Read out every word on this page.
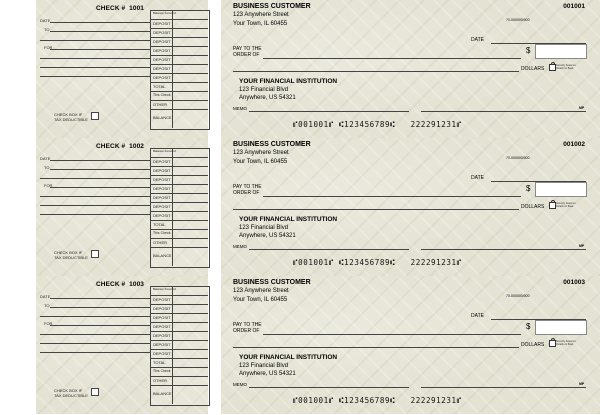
CHECK # 1001
DATE
TO
FOR
Balance Forward
DEPOSIT
DEPOSIT
DEPOSIT
DEPOSIT
DEPOSIT
DEPOSIT
DEPOSIT
TOTAL
This Check
OTHER
BALANCE
CHECK BOX IF
TAX DEDUCTIBLE
BUSINESS CUSTOMER
123 Anywhere Street
Your Town, IL 60455
001001
70-000000/000
DATE
PAY TO THE
ORDER OF	$
DOLLARS
Security Features
Details on Back
YOUR FINANCIAL INSTITUTION
123 Financial Blvd
Anywhere, US 54321
MEMO	MP
⑈001001⑈ ⑆123456789⑆   222291231⑈
CHECK # 1002
DATE
TO
FOR
Balance Forward
DEPOSIT
DEPOSIT
DEPOSIT
DEPOSIT
DEPOSIT
DEPOSIT
DEPOSIT
TOTAL
This Check
OTHER
BALANCE
CHECK BOX IF
TAX DEDUCTIBLE
BUSINESS CUSTOMER
123 Anywhere Street
Your Town, IL 60455
001002
70-000000/000
DATE
PAY TO THE
ORDER OF	$
DOLLARS
Security Features
Details on Back
YOUR FINANCIAL INSTITUTION
123 Financial Blvd
Anywhere, US 54321
MEMO	MP
⑈001001⑈ ⑆123456789⑆   222291231⑈
CHECK # 1003
DATE
TO
FOR
Balance Forward
DEPOSIT
DEPOSIT
DEPOSIT
DEPOSIT
DEPOSIT
DEPOSIT
DEPOSIT
TOTAL
This Check
OTHER
BALANCE
CHECK BOX IF
TAX DEDUCTIBLE
BUSINESS CUSTOMER
123 Anywhere Street
Your Town, IL 60455
001003
70-000000/000
DATE
PAY TO THE
ORDER OF	$
DOLLARS
Security Features
Details on Back
YOUR FINANCIAL INSTITUTION
123 Financial Blvd
Anywhere, US 54321
MEMO	MP
⑈001001⑈ ⑆123456789⑆   222291231⑈
